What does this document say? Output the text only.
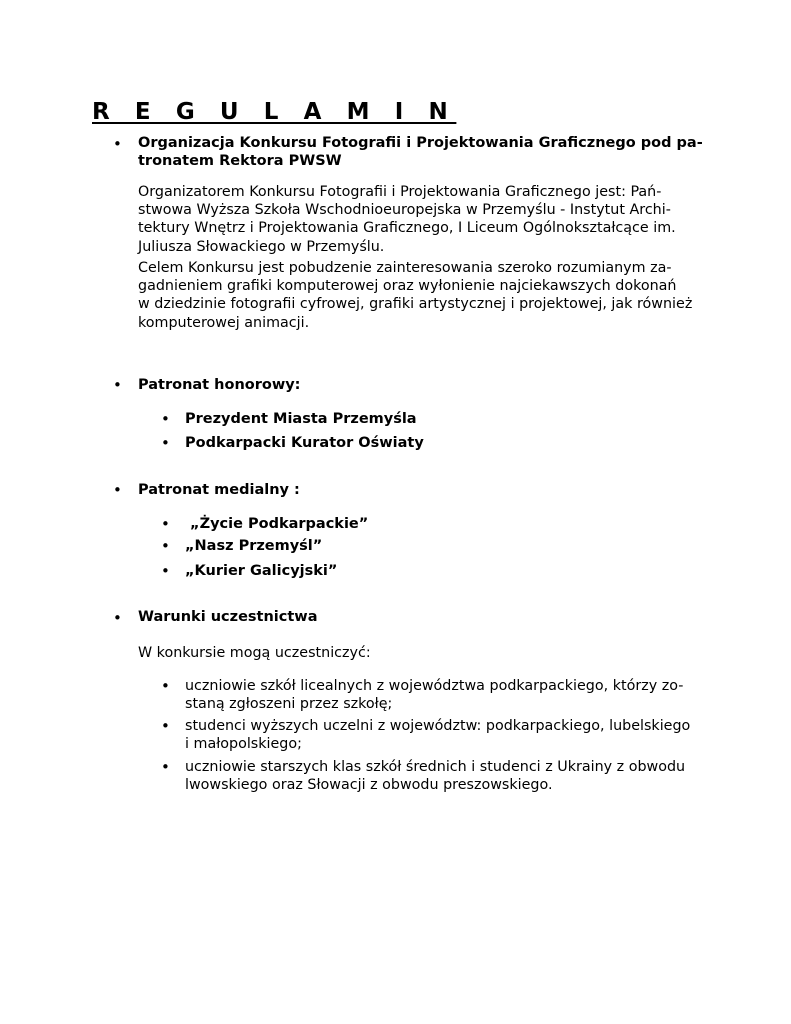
R E G U L A M I N
• Organizacja Konkursu Fotografii i Projektowania Graficznego pod pa-
tronatem Rektora PWSW
Organizatorem Konkursu Fotografii i Projektowania Graficznego jest: Pań-
stwowa Wyższa Szkoła Wschodnioeuropejska w Przemyślu - Instytut Archi-
tektury Wnętrz i Projektowania Graficznego, I Liceum Ogólnokształcące im.
Juliusza Słowackiego w Przemyślu.
Celem Konkursu jest pobudzenie zainteresowania szeroko rozumianym za-
gadnieniem grafiki komputerowej oraz wyłonienie najciekawszych dokonań
w dziedzinie fotografii cyfrowej, grafiki artystycznej i projektowej, jak również
komputerowej animacji.
• Patronat honorowy:
• Prezydent Miasta Przemyśla
• Podkarpacki Kurator Oświaty
• Patronat medialny :
• „Życie Podkarpackie”
• „Nasz Przemyśl”
• „Kurier Galicyjski”
• Warunki uczestnictwa
W konkursie mogą uczestniczyć:
• uczniowie szkół licealnych z województwa podkarpackiego, którzy zo-
staną zgłoszeni przez szkołę;
• studenci wyższych uczelni z województw: podkarpackiego, lubelskiego
i małopolskiego;
• uczniowie starszych klas szkół średnich i studenci z Ukrainy z obwodu
lwowskiego oraz Słowacji z obwodu preszowskiego.
